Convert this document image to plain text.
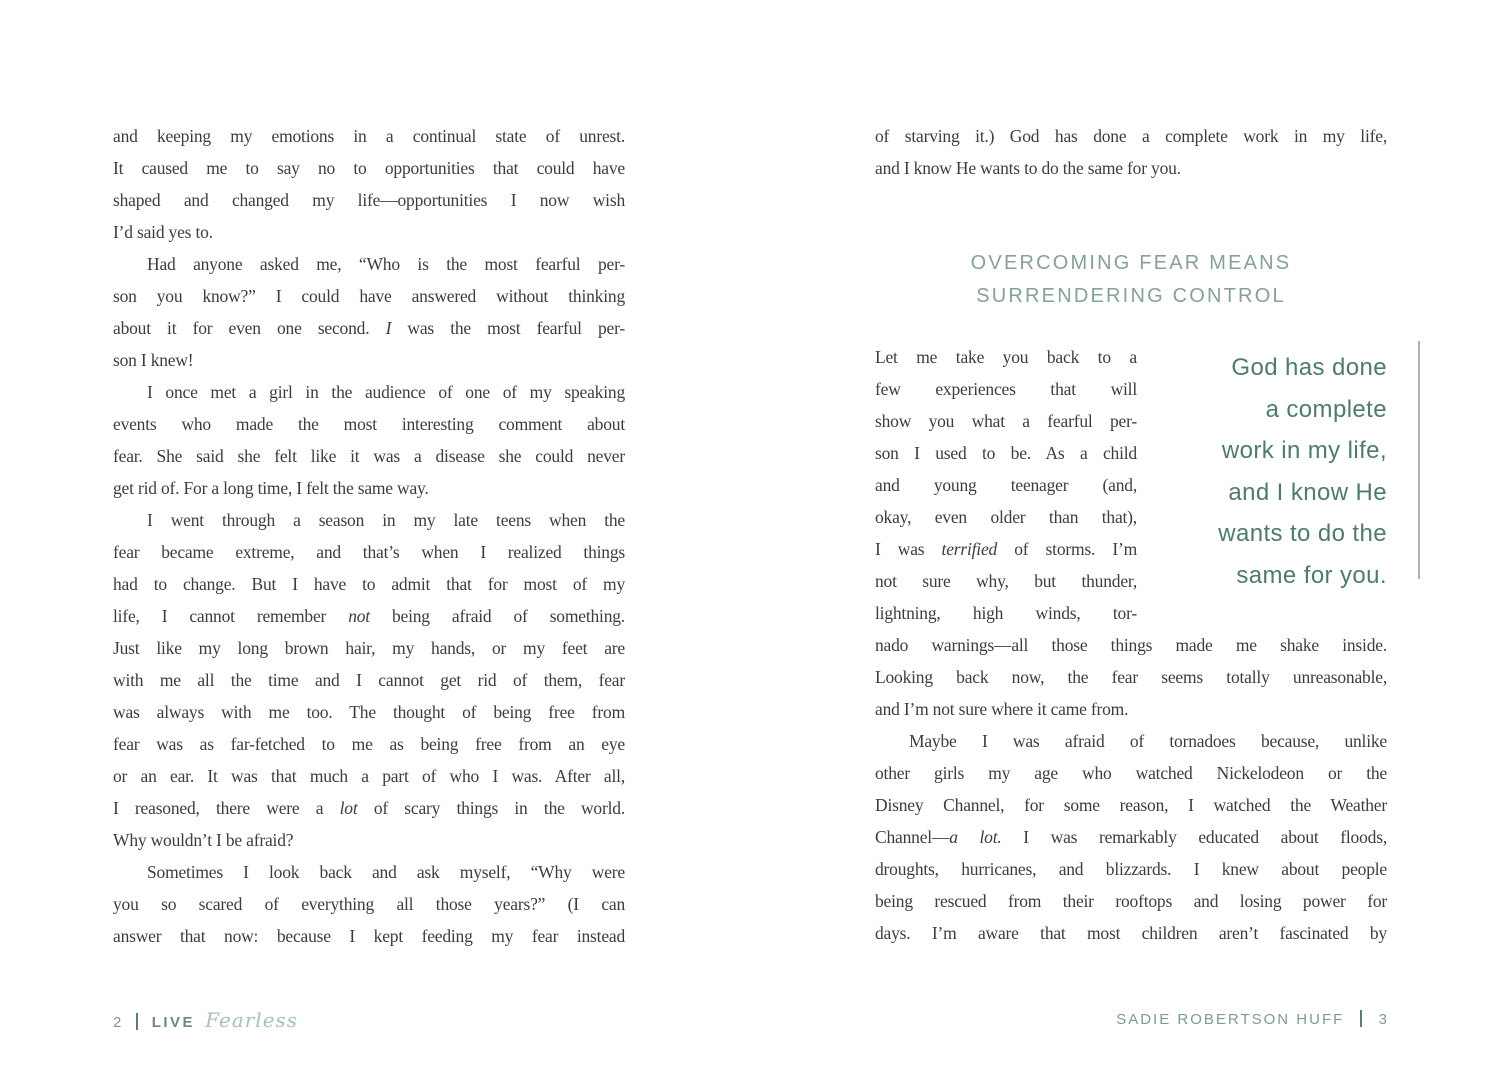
and keeping my emotions in a continual state of unrest.
It caused me to say no to opportunities that could have
shaped and changed my life—opportunities I now wish
I’d said yes to.
Had anyone asked me, “Who is the most fearful per-
son you know?” I could have answered without thinking
about it for even one second. I was the most fearful per-
son I knew!
I once met a girl in the audience of one of my speaking
events who made the most interesting comment about
fear. She said she felt like it was a disease she could never
get rid of. For a long time, I felt the same way.
I went through a season in my late teens when the
fear became extreme, and that’s when I realized things
had to change. But I have to admit that for most of my
life, I cannot remember not being afraid of something.
Just like my long brown hair, my hands, or my feet are
with me all the time and I cannot get rid of them, fear
was always with me too. The thought of being free from
fear was as far-fetched to me as being free from an eye
or an ear. It was that much a part of who I was. After all,
I reasoned, there were a lot of scary things in the world.
Why wouldn’t I be afraid?
Sometimes I look back and ask myself, “Why were
you so scared of everything all those years?” (I can
answer that now: because I kept feeding my fear instead
2 LIVE Fearless
of starving it.) God has done a complete work in my life,
and I know He wants to do the same for you.
OVERCOMING FEAR MEANS
SURRENDERING CONTROL
Let me take you back to a
few experiences that will
show you what a fearful per-
son I used to be. As a child
and young teenager (and,
okay, even older than that),
I was terrified of storms. I’m
not sure why, but thunder,
lightning, high winds, tor-
God has done
a complete
work in my life,
and I know He
wants to do the
same for you.
nado warnings—all those things made me shake inside.
Looking back now, the fear seems totally unreasonable,
and I’m not sure where it came from.
Maybe I was afraid of tornadoes because, unlike
other girls my age who watched Nickelodeon or the
Disney Channel, for some reason, I watched the Weather
Channel—a lot. I was remarkably educated about floods,
droughts, hurricanes, and blizzards. I knew about people
being rescued from their rooftops and losing power for
days. I’m aware that most children aren’t fascinated by
SADIE ROBERTSON HUFF 3
